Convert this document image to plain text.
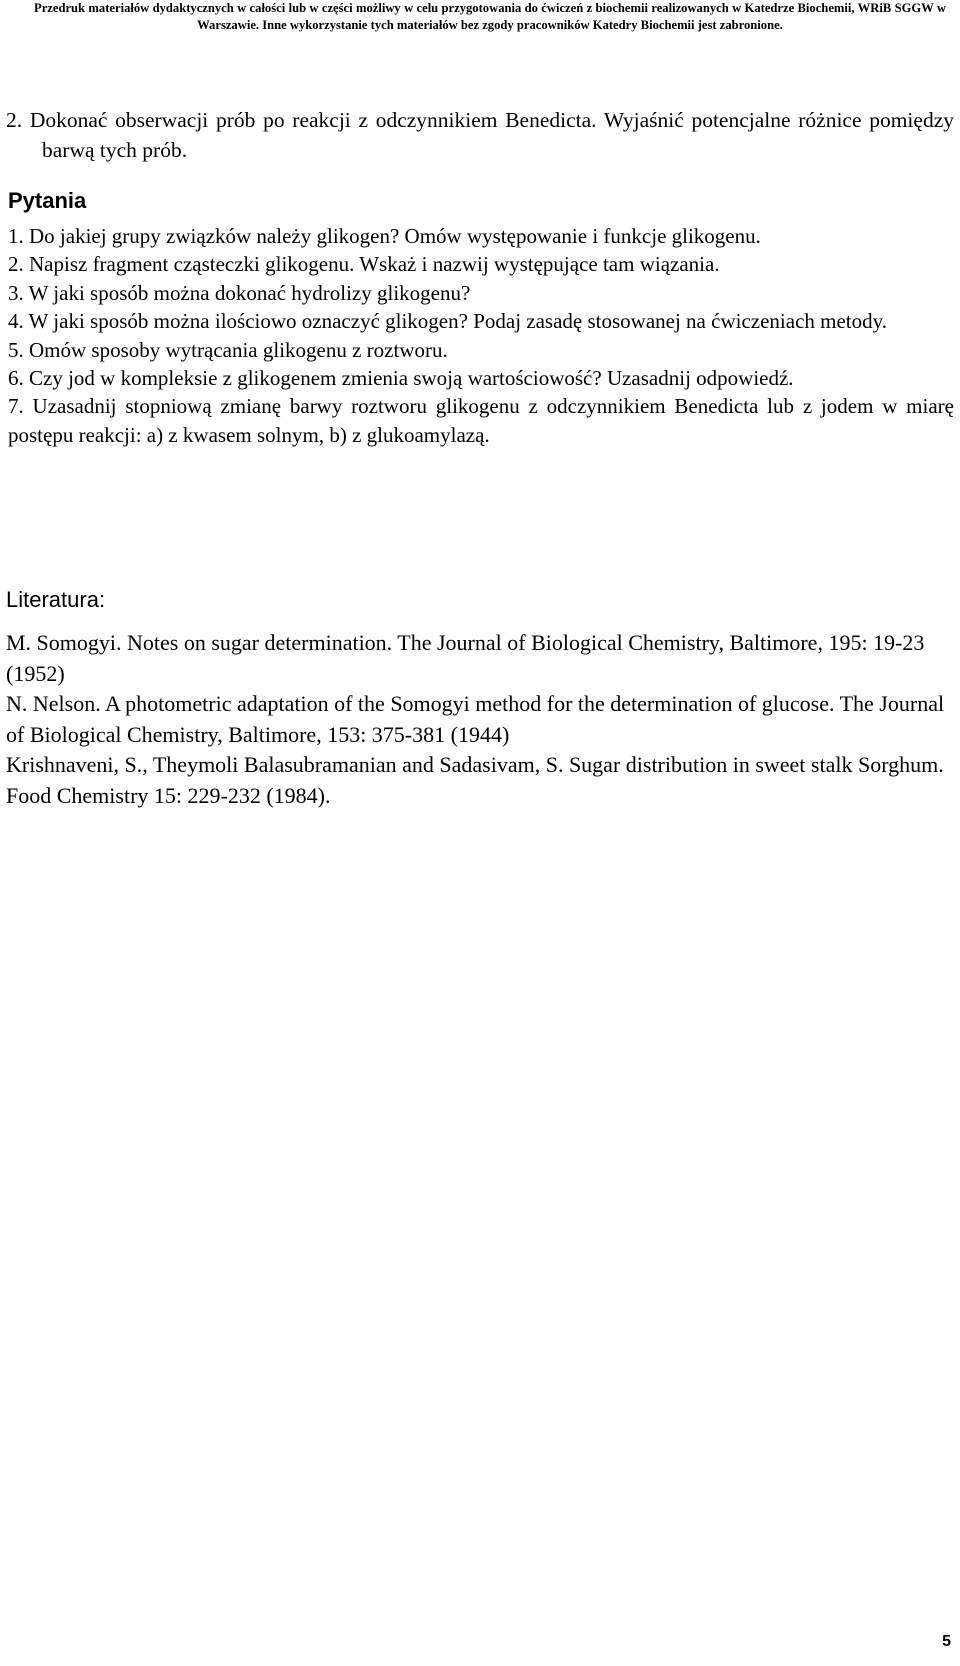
Przedruk materiałów dydaktycznych w całości lub w części możliwy w celu przygotowania do ćwiczeń z biochemii realizowanych w Katedrze Biochemii, WRiB SGGW w Warszawie. Inne wykorzystanie tych materiałów bez zgody pracowników Katedry Biochemii jest zabronione.
2. Dokonać obserwacji prób po reakcji z odczynnikiem Benedicta. Wyjaśnić potencjalne różnice pomiędzy barwą tych prób.
Pytania

1. Do jakiej grupy związków należy glikogen? Omów występowanie i funkcje glikogenu.

2. Napisz fragment cząsteczki glikogenu. Wskaż i nazwij występujące tam wiązania.

3. W jaki sposób można dokonać hydrolizy glikogenu?

4. W jaki sposób można ilościowo oznaczyć glikogen? Podaj zasadę stosowanej na ćwiczeniach metody.

5. Omów sposoby wytrącania glikogenu z roztworu.

6. Czy jod w kompleksie z glikogenem zmienia swoją wartościowość? Uzasadnij odpowiedź.

7. Uzasadnij stopniową zmianę barwy roztworu glikogenu z odczynnikiem Benedicta lub z jodem w miarę postępu reakcji: a) z kwasem solnym, b) z glukoamylazą.

Literatura:

M. Somogyi. Notes on sugar determination. The Journal of Biological Chemistry, Baltimore, 195: 19-23 (1952)

N. Nelson. A photometric adaptation of the Somogyi method for the determination of glucose. The Journal of Biological Chemistry, Baltimore, 153: 375-381 (1944)

Krishnaveni, S., Theymoli Balasubramanian and Sadasivam, S. Sugar distribution in sweet stalk Sorghum. Food Chemistry 15: 229-232 (1984).

5
